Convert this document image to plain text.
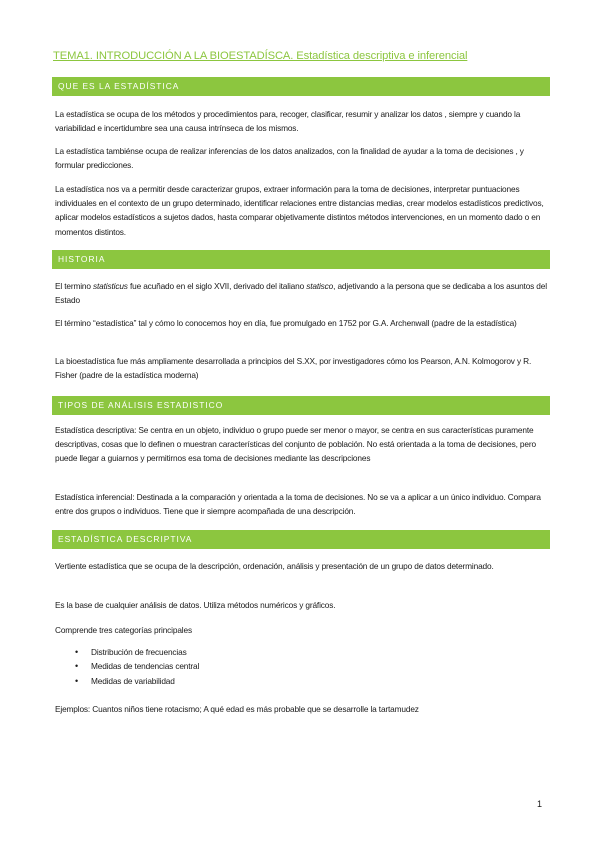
TEMA1. INTRODUCCIÓN A LA BIOESTADÍSCA. Estadística descriptiva e inferencial
QUE ES LA ESTADÍSTICA
La estadística se ocupa de los métodos y procedimientos para, recoger, clasificar, resumir y analizar los datos , siempre y cuando la variabilidad e incertidumbre sea una causa intrínseca de los mismos.
La estadística tambiénse ocupa de realizar inferencias de los datos analizados, con la finalidad de ayudar a la toma de decisiones , y formular predicciones.
La estadística nos va a permitir desde caracterizar grupos, extraer información para la toma de decisiones, interpretar puntuaciones individuales en el contexto de un grupo determinado, identificar relaciones entre distancias medias, crear modelos estadísticos predictivos, aplicar modelos estadísticos a sujetos dados, hasta comparar objetivamente distintos métodos intervenciones, en un momento dado o en momentos distintos.
HISTORIA
El termino statisticus fue acuñado en el siglo XVII, derivado del italiano statisco, adjetivando a la persona que se dedicaba a los asuntos del Estado
El término “estadística” tal y cómo lo conocemos hoy en día, fue promulgado en 1752 por G.A. Archenwall (padre de la estadística)
La bioestadística fue más ampliamente desarrollada a principios del S.XX, por investigadores cómo los Pearson, A.N. Kolmogorov y R. Fisher (padre de la estadística moderna)
TIPOS DE ANÁLISIS ESTADISTICO
Estadística descriptiva: Se centra en un objeto, individuo o grupo puede ser menor o mayor, se centra en sus características puramente descriptivas, cosas que lo definen o muestran características del conjunto de población. No está orientada a la toma de decisiones, pero puede llegar a guiarnos y permitirnos esa toma de decisiones mediante las descripciones
Estadística inferencial: Destinada a la comparación y orientada a la toma de decisiones. No se va a aplicar a un único individuo. Compara entre dos grupos o individuos. Tiene que ir siempre acompañada de una descripción.
ESTADÍSTICA DESCRIPTIVA
Vertiente estadística que se ocupa de la descripción, ordenación, análisis y presentación de un grupo de datos determinado.
Es la base de cualquier análisis de datos. Utiliza métodos numéricos y gráficos.
Comprende tres categorías principales
• Distribución de frecuencias
• Medidas de tendencias central
• Medidas de variabilidad
Ejemplos: Cuantos niños tiene rotacismo; A qué edad es más probable que se desarrolle la tartamudez
1
